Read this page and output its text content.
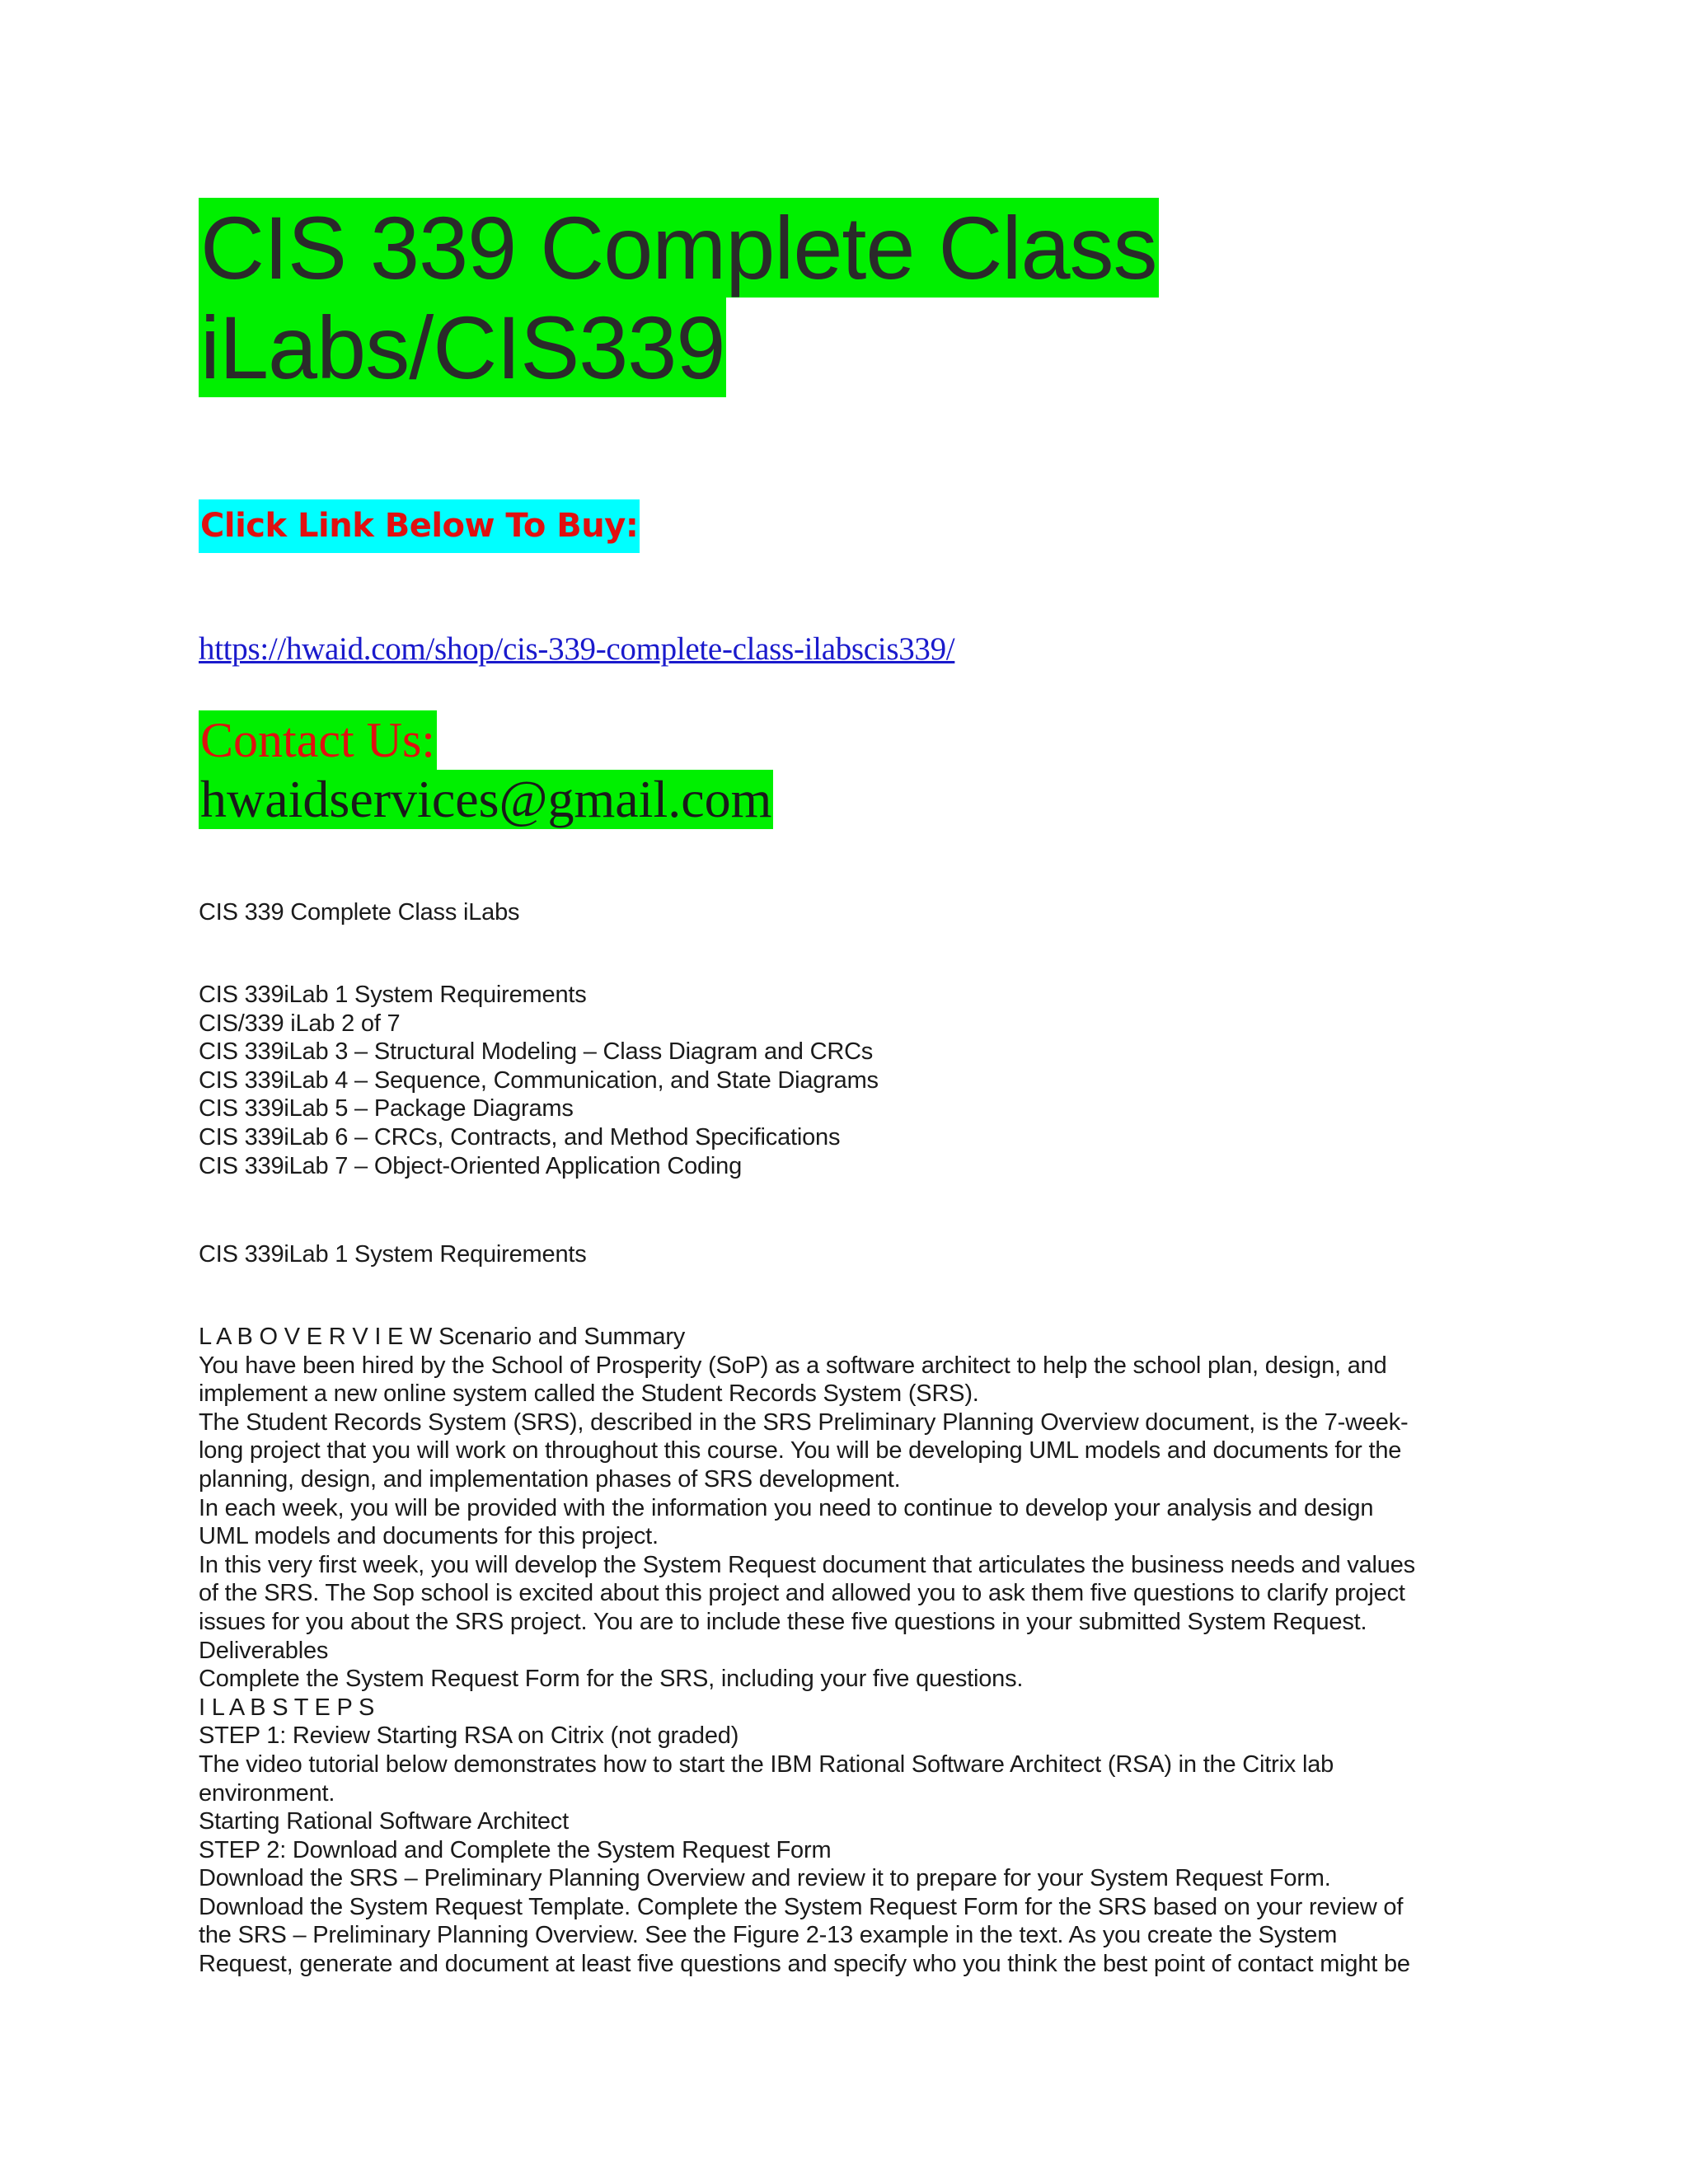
CIS 339 Complete Class
iLabs/CIS339
Click Link Below To Buy:
https://hwaid.com/shop/cis-339-complete-class-ilabscis339/
Contact Us:
hwaidservices@gmail.com
CIS 339 Complete Class iLabs
CIS 339iLab 1 System Requirements
CIS/339 iLab 2 of 7
CIS 339iLab 3 – Structural Modeling – Class Diagram and CRCs
CIS 339iLab 4 – Sequence, Communication, and State Diagrams
CIS 339iLab 5 – Package Diagrams
CIS 339iLab 6 – CRCs, Contracts, and Method Specifications
CIS 339iLab 7 – Object-Oriented Application Coding
CIS 339iLab 1 System Requirements
L A B O V E R V I E W Scenario and Summary
You have been hired by the School of Prosperity (SoP) as a software architect to help the school plan, design, and
implement a new online system called the Student Records System (SRS).
The Student Records System (SRS), described in the SRS Preliminary Planning Overview document, is the 7-week-
long project that you will work on throughout this course. You will be developing UML models and documents for the
planning, design, and implementation phases of SRS development.
In each week, you will be provided with the information you need to continue to develop your analysis and design
UML models and documents for this project.
In this very first week, you will develop the System Request document that articulates the business needs and values
of the SRS. The Sop school is excited about this project and allowed you to ask them five questions to clarify project
issues for you about the SRS project. You are to include these five questions in your submitted System Request.
Deliverables
Complete the System Request Form for the SRS, including your five questions.
I L A B S T E P S
STEP 1: Review Starting RSA on Citrix (not graded)
The video tutorial below demonstrates how to start the IBM Rational Software Architect (RSA) in the Citrix lab
environment.
Starting Rational Software Architect
STEP 2: Download and Complete the System Request Form
Download the SRS – Preliminary Planning Overview and review it to prepare for your System Request Form.
Download the System Request Template. Complete the System Request Form for the SRS based on your review of
the SRS – Preliminary Planning Overview. See the Figure 2-13 example in the text. As you create the System
Request, generate and document at least five questions and specify who you think the best point of contact might be
